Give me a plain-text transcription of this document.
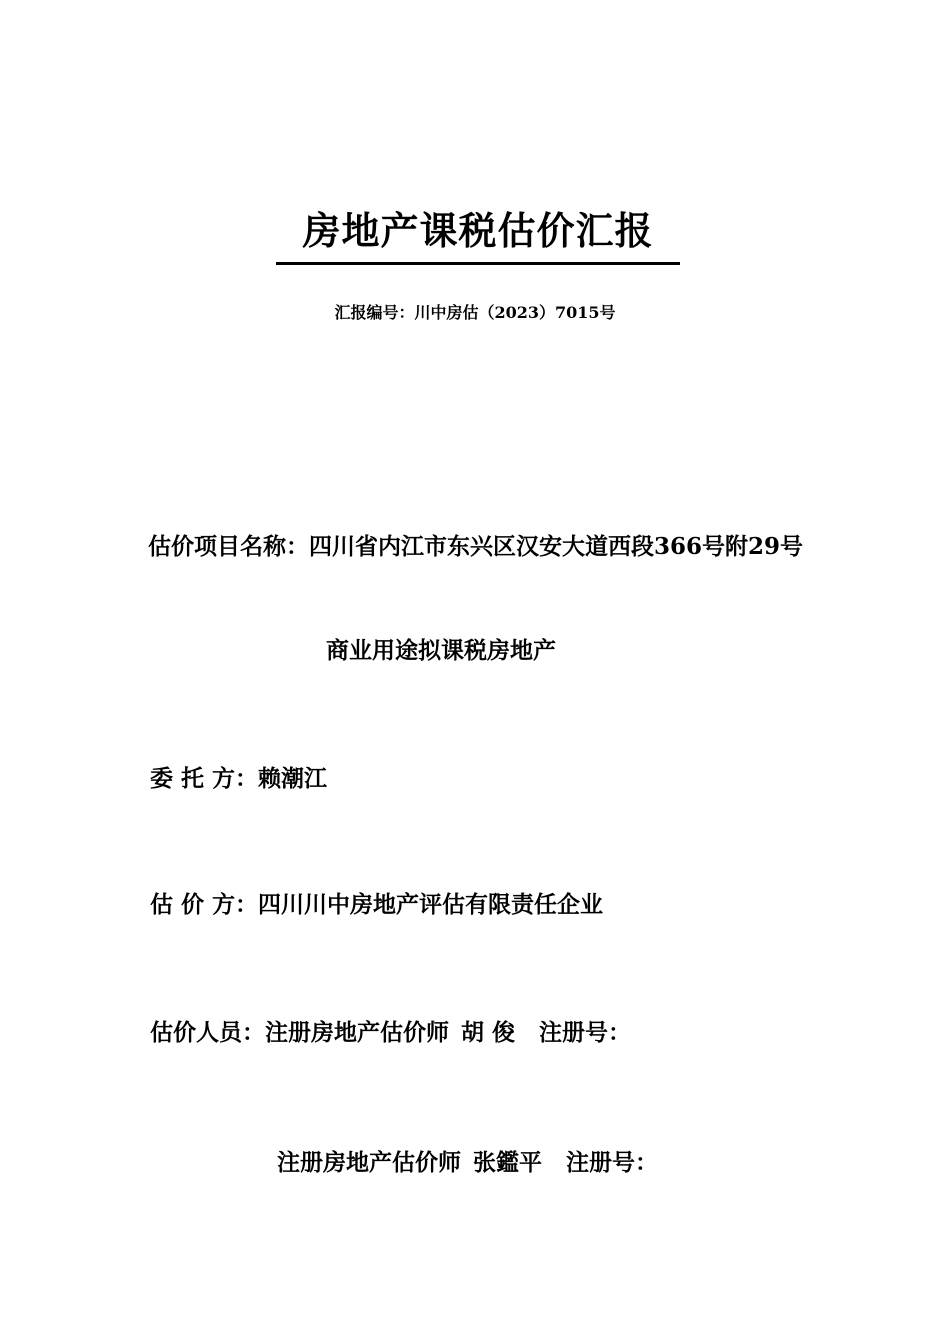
房地产课税估价汇报
汇报编号：川中房估（2023）7015号
估价项目名称：四川省内江市东兴区汉安大道西段366号附29号
商业用途拟课税房地产
委 托 方：赖潮江
估 价 方：四川川中房地产评估有限责任企业
估价人员：注册房地产估价师 胡 俊 注册号：
注册房地产估价师 张鑑平 注册号：
